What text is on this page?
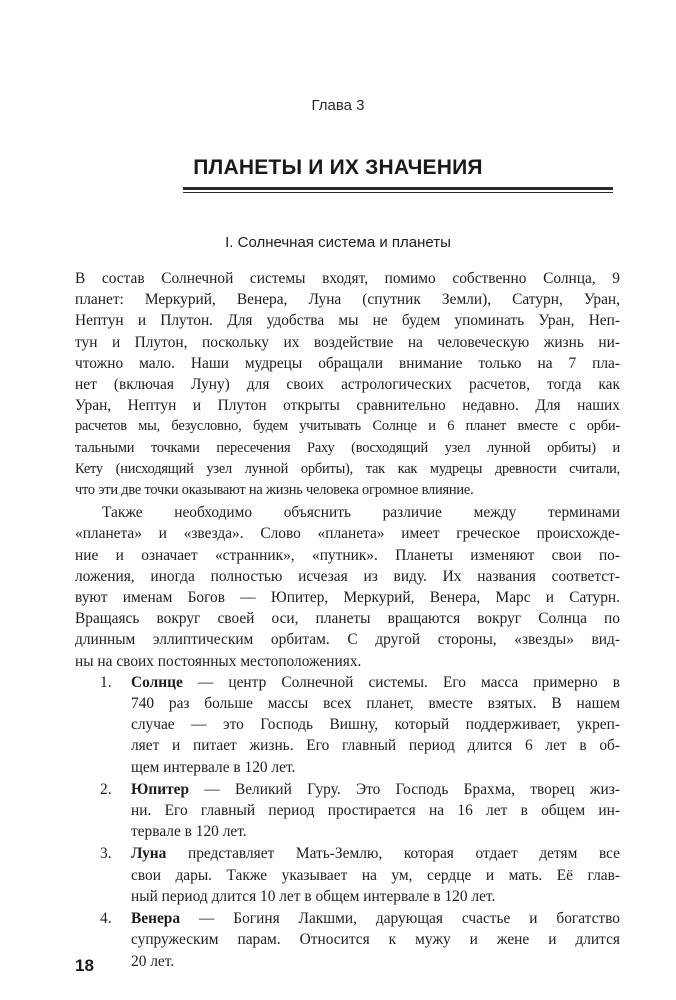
Глава 3
ПЛАНЕТЫ И ИХ ЗНАЧЕНИЯ
I. Солнечная система и планеты

В состав Солнечной системы входят, помимо собственно Солнца, 9
планет: Меркурий, Венера, Луна (спутник Земли), Сатурн, Уран,
Нептун и Плутон. Для удобства мы не будем упоминать Уран, Неп-
тун и Плутон, поскольку их воздействие на человеческую жизнь ни-
чтожно мало. Наши мудрецы обращали внимание только на 7 пла-
нет (включая Луну) для своих астрологических расчетов, тогда как
Уран, Нептун и Плутон открыты сравнительно недавно. Для наших
расчетов мы, безусловно, будем учитывать Солнце и 6 планет вместе с орби-
тальными точками пересечения Раху (восходящий узел лунной орбиты) и
Кету (нисходящий узел лунной орбиты), так как мудрецы древности считали,
что эти две точки оказывают на жизнь человека огромное влияние.

Также необходимо объяснить различие между терминами
«планета» и «звезда». Слово «планета» имеет греческое происхожде-
ние и означает «странник», «путник». Планеты изменяют свои по-
ложения, иногда полностью исчезая из виду. Их названия соответст-
вуют именам Богов — Юпитер, Меркурий, Венера, Марс и Сатурн.
Вращаясь вокруг своей оси, планеты вращаются вокруг Солнца по
длинным эллиптическим орбитам. С другой стороны, «звезды» вид-
ны на своих постоянных местоположениях.

1. Солнце — центр Солнечной системы. Его масса примерно в
740 раз больше массы всех планет, вместе взятых. В нашем
случае — это Господь Вишну, который поддерживает, укреп-
ляет и питает жизнь. Его главный период длится 6 лет в об-
щем интервале в 120 лет.
2. Юпитер — Великий Гуру. Это Господь Брахма, творец жиз-
ни. Его главный период простирается на 16 лет в общем ин-
тервале в 120 лет.
3. Луна представляет Мать-Землю, которая отдает детям все
свои дары. Также указывает на ум, сердце и мать. Её глав-
ный период длится 10 лет в общем интервале в 120 лет.
4. Венера — Богиня Лакшми, дарующая счастье и богатство
супружеским парам. Относится к мужу и жене и длится
20 лет.
18
